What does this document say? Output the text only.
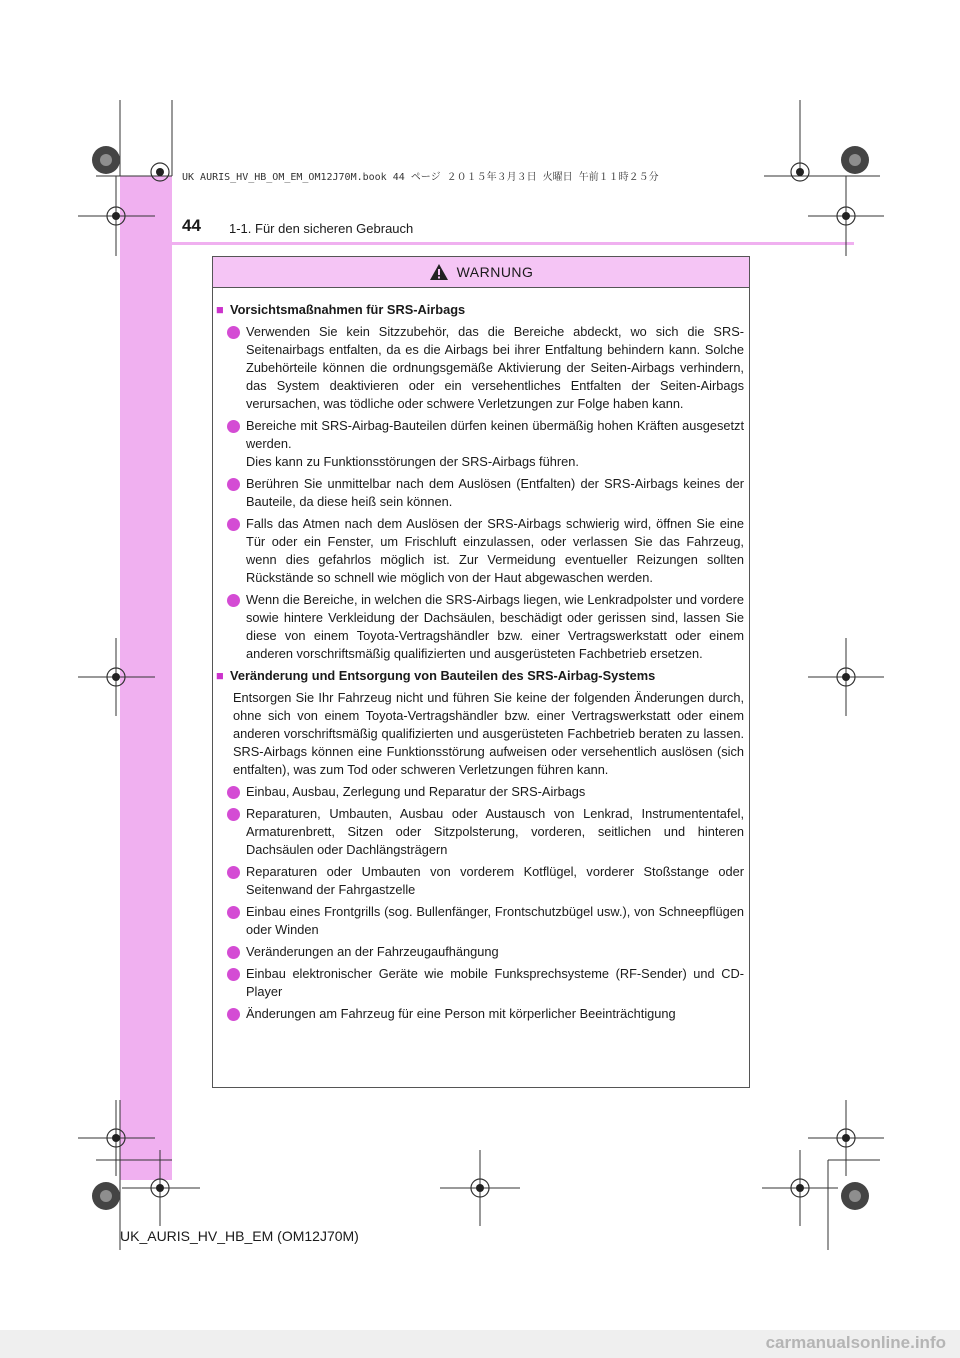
UK AURIS_HV_HB_OM_EM_OM12J70M.book 44 ページ ２０１５年３月３日 火曜日 午前１１時２５分
44 1-1. Für den sicheren Gebrauch
WARNUNG
■ Vorsichtsmaßnahmen für SRS-Airbags
Verwenden Sie kein Sitzzubehör, das die Bereiche abdeckt, wo sich die SRS-Seitenairbags entfalten, da es die Airbags bei ihrer Entfaltung behindern kann. Solche Zubehörteile können die ordnungsgemäße Aktivierung der Seiten-Airbags verhindern, das System deaktivieren oder ein versehentliches Entfalten der Seiten-Airbags verursachen, was tödliche oder schwere Verletzungen zur Folge haben kann.
Bereiche mit SRS-Airbag-Bauteilen dürfen keinen übermäßig hohen Kräften ausgesetzt werden.
Dies kann zu Funktionsstörungen der SRS-Airbags führen.
Berühren Sie unmittelbar nach dem Auslösen (Entfalten) der SRS-Airbags keines der Bauteile, da diese heiß sein können.
Falls das Atmen nach dem Auslösen der SRS-Airbags schwierig wird, öffnen Sie eine Tür oder ein Fenster, um Frischluft einzulassen, oder verlassen Sie das Fahrzeug, wenn dies gefahrlos möglich ist. Zur Vermeidung eventueller Reizungen sollten Rückstände so schnell wie möglich von der Haut abgewaschen werden.
Wenn die Bereiche, in welchen die SRS-Airbags liegen, wie Lenkradpolster und vordere sowie hintere Verkleidung der Dachsäulen, beschädigt oder gerissen sind, lassen Sie diese von einem Toyota-Vertragshändler bzw. einer Vertragswerkstatt oder einem anderen vorschriftsmäßig qualifizierten und ausgerüsteten Fachbetrieb ersetzen.
■ Veränderung und Entsorgung von Bauteilen des SRS-Airbag-Systems
Entsorgen Sie Ihr Fahrzeug nicht und führen Sie keine der folgenden Änderungen durch, ohne sich von einem Toyota-Vertragshändler bzw. einer Vertragswerkstatt oder einem anderen vorschriftsmäßig qualifizierten und ausgerüsteten Fachbetrieb beraten zu lassen. SRS-Airbags können eine Funktionsstörung aufweisen oder versehentlich auslösen (sich entfalten), was zum Tod oder schweren Verletzungen führen kann.
Einbau, Ausbau, Zerlegung und Reparatur der SRS-Airbags
Reparaturen, Umbauten, Ausbau oder Austausch von Lenkrad, Instrumententafel, Armaturenbrett, Sitzen oder Sitzpolsterung, vorderen, seitlichen und hinteren Dachsäulen oder Dachlängsträgern
Reparaturen oder Umbauten von vorderem Kotflügel, vorderer Stoßstange oder Seitenwand der Fahrgastzelle
Einbau eines Frontgrills (sog. Bullenfänger, Frontschutzbügel usw.), von Schneepflügen oder Winden
Veränderungen an der Fahrzeugaufhängung
Einbau elektronischer Geräte wie mobile Funksprechsysteme (RF-Sender) und CD-Player
Änderungen am Fahrzeug für eine Person mit körperlicher Beeinträchtigung
UK_AURIS_HV_HB_EM (OM12J70M)
carmanualsonline.info
